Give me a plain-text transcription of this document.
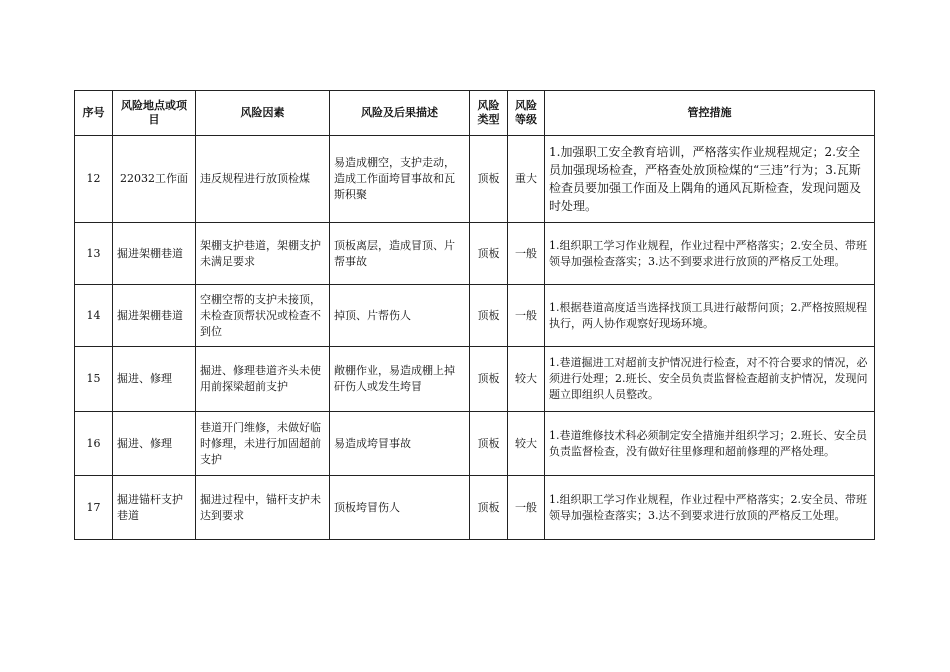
序号	风险地点或项目	风险因素	风险及后果描述	风险类型	风险等级	管控措施
12	22032工作面	违反规程进行放顶检煤	易造成棚空，支护走动，造成工作面垮冒事故和瓦斯积聚	顶板	重大	1.加强职工安全教育培训，严格落实作业规程规定；2.安全员加强现场检查，严格查处放顶检煤的“三违”行为；3.瓦斯检查员要加强工作面及上隅角的通风瓦斯检查，发现问题及时处理。
13	掘进架棚巷道	架棚支护巷道，架棚支护未满足要求	顶板离层，造成冒顶、片帮事故	顶板	一般	1.组织职工学习作业规程，作业过程中严格落实；2.安全员、带班领导加强检查落实；3.达不到要求进行放顶的严格反工处理。
14	掘进架棚巷道	空棚空帮的支护未接顶，未检查顶帮状况或检查不到位	掉顶、片帮伤人	顶板	一般	1.根据巷道高度适当选择找顶工具进行敲帮问顶；2.严格按照规程执行，两人协作观察好现场环境。
15	掘进、修理	掘进、修理巷道齐头未使用前探梁超前支护	敞棚作业，易造成棚上掉矸伤人或发生垮冒	顶板	较大	1.巷道掘进工对超前支护情况进行检查，对不符合要求的情况，必须进行处理；2.班长、安全员负责监督检查超前支护情况，发现问题立即组织人员整改。
16	掘进、修理	巷道开门维修，未做好临时修理，未进行加固超前支护	易造成垮冒事故	顶板	较大	1.巷道维修技术科必须制定安全措施并组织学习；2.班长、安全员负责监督检查，没有做好往里修理和超前修理的严格处理。
17	掘进锚杆支护巷道	掘进过程中，锚杆支护未达到要求	顶板垮冒伤人	顶板	一般	1.组织职工学习作业规程，作业过程中严格落实；2.安全员、带班领导加强检查落实；3.达不到要求进行放顶的严格反工处理。
